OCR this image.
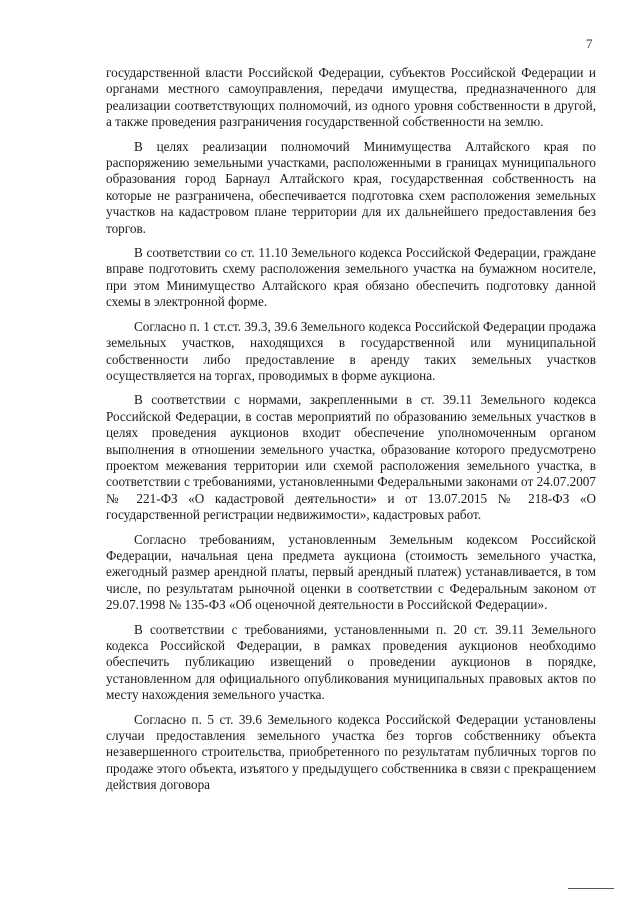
7

государственной власти Российской Федерации, субъектов Российской Федерации и органами местного самоуправления, передачи имущества, предназначенного для реализации соответствующих полномочий, из одного уровня собственности в другой, а также проведения разграничения государственной собственности на землю.

В целях реализации полномочий Минимущества Алтайского края по распоряжению земельными участками, расположенными в границах муниципального образования город Барнаул Алтайского края, государственная собственность на которые не разграничена, обеспечивается подготовка схем расположения земельных участков на кадастровом плане территории для их дальнейшего предоставления без торгов.

В соответствии со ст. 11.10 Земельного кодекса Российской Федерации, граждане вправе подготовить схему расположения земельного участка на бумажном носителе, при этом Минимущество Алтайского края обязано обеспечить подготовку данной схемы в электронной форме.

Согласно п. 1 ст.ст. 39.3, 39.6 Земельного кодекса Российской Федерации продажа земельных участков, находящихся в государственной или муниципальной собственности либо предоставление в аренду таких земельных участков осуществляется на торгах, проводимых в форме аукциона.

В соответствии с нормами, закрепленными в ст. 39.11 Земельного кодекса Российской Федерации, в состав мероприятий по образованию земельных участков в целях проведения аукционов входит обеспечение уполномоченным органом выполнения в отношении земельного участка, образование которого предусмотрено проектом межевания территории или схемой расположения земельного участка, в соответствии с требованиями, установленными Федеральными законами от 24.07.2007 № 221-ФЗ «О кадастровой деятельности» и от 13.07.2015 № 218-ФЗ «О государственной регистрации недвижимости», кадастровых работ.

Согласно требованиям, установленным Земельным кодексом Российской Федерации, начальная цена предмета аукциона (стоимость земельного участка, ежегодный размер арендной платы, первый арендный платеж) устанавливается, в том числе, по результатам рыночной оценки в соответствии с Федеральным законом от 29.07.1998 № 135-ФЗ «Об оценочной деятельности в Российской Федерации».

В соответствии с требованиями, установленными п. 20 ст. 39.11 Земельного кодекса Российской Федерации, в рамках проведения аукционов необходимо обеспечить публикацию извещений о проведении аукционов в порядке, установленном для официального опубликования муниципальных правовых актов по месту нахождения земельного участка.

Согласно п. 5 ст. 39.6 Земельного кодекса Российской Федерации установлены случаи предоставления земельного участка без торгов собственнику объекта незавершенного строительства, приобретенного по результатам публичных торгов по продаже этого объекта, изъятого у предыдущего собственника в связи с прекращением действия договора
